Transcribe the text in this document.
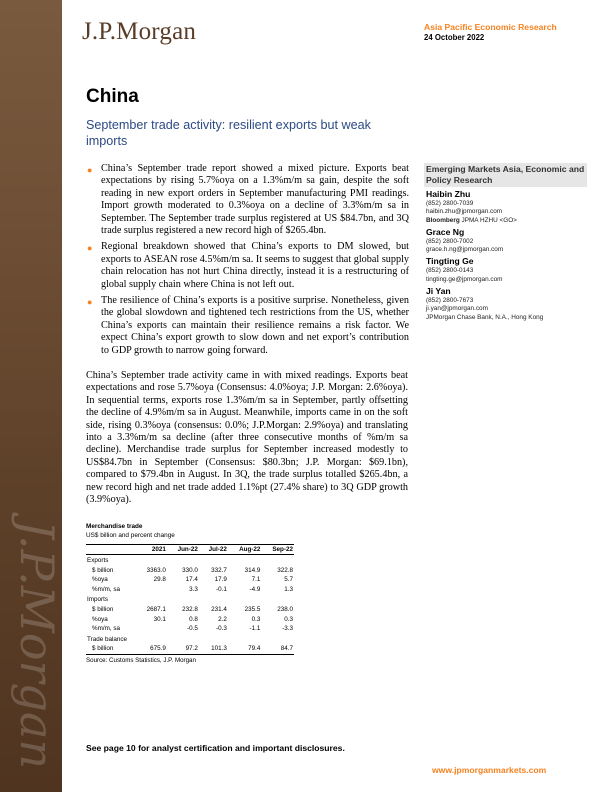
J.P.Morgan
J.P.Morgan	Asia Pacific Economic Research
24 October 2022
China
September trade activity: resilient exports but weak imports
● China’s September trade report showed a mixed picture. Exports beat expectations by rising 5.7%oya on a 1.3%m/m sa gain, despite the soft reading in new export orders in September manufacturing PMI readings. Import growth moderated to 0.3%oya on a decline of 3.3%m/m sa in September. The September trade surplus registered at US $84.7bn, and 3Q trade surplus registered a new record high of $265.4bn.
● Regional breakdown showed that China’s exports to DM slowed, but exports to ASEAN rose 4.5%m/m sa. It seems to suggest that global supply chain relocation has not hurt China directly, instead it is a restructuring of global supply chain where China is not left out.
● The resilience of China’s exports is a positive surprise. Nonetheless, given the global slowdown and tightened tech restrictions from the US, whether China’s exports can maintain their resilience remains a risk factor. We expect China’s export growth to slow down and net export’s contribution to GDP growth to narrow going forward.

China’s September trade activity came in with mixed readings. Exports beat expectations and rose 5.7%oya (Consensus: 4.0%oya; J.P. Morgan: 2.6%oya). In sequential terms, exports rose 1.3%m/m sa in September, partly offsetting the decline of 4.9%m/m sa in August. Meanwhile, imports came in on the soft side, rising 0.3%oya (consensus: 0.0%; J.P.Morgan: 2.9%oya) and translating into a 3.3%m/m sa decline (after three consecutive months of %m/m sa decline). Merchandise trade surplus for September increased modestly to US$84.7bn in September (Consensus: $80.3bn; J.P. Morgan: $69.1bn), compared to $79.4bn in August. In 3Q, the trade surplus totalled $265.4bn, a new record high and net trade added 1.1%pt (27.4% share) to 3Q GDP growth (3.9%oya).

Emerging Markets Asia, Economic and Policy Research
Haibin Zhu
(852) 2800-7039
haibin.zhu@jpmorgan.com
Bloomberg JPMA HZHU <GO>
Grace Ng
(852) 2800-7002
grace.h.ng@jpmorgan.com
Tingting Ge
(852) 2800-0143
tingting.ge@jpmorgan.com
Ji Yan
(852) 2800-7673
ji.yan@jpmorgan.com
JPMorgan Chase Bank, N.A., Hong Kong
Merchandise trade
US$ billion and percent change
	2021	Jun-22	Jul-22	Aug-22	Sep-22
Exports					
$ billion	3363.0	330.0	332.7	314.9	322.8
%oya	29.8	17.4	17.9	7.1	5.7
%m/m, sa		3.3	-0.1	-4.9	1.3
Imports					
$ billion	2687.1	232.8	231.4	235.5	238.0
%oya	30.1	0.8	2.2	0.3	0.3
%m/m, sa		-0.5	-0.3	-1.1	-3.3
Trade balance					
$ billion	675.9	97.2	101.3	79.4	84.7
Source: Customs Statistics, J.P. Morgan
See page 10 for analyst certification and important disclosures.
www.jpmorganmarkets.com
